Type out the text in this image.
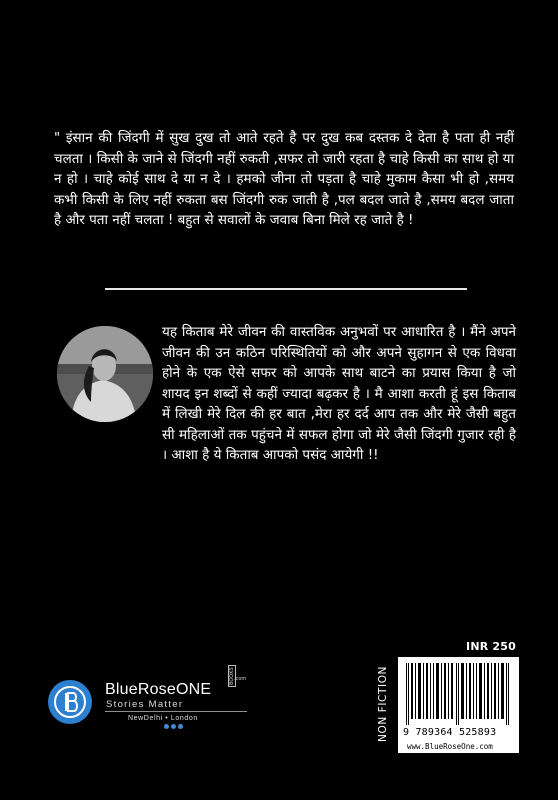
" इंसान की जिंदगी में सुख दुख तो आते रहते है पर दुख कब दस्तक दे देता है पता ही नहीं चलता । किसी के जाने से जिंदगी नहीं रुकती ,सफर तो जारी रहता है चाहे किसी का साथ हो या न हो । चाहे कोई साथ दे या न दे । हमको जीना तो पड़ता है चाहे मुकाम कैसा भी हो ,समय कभी किसी के लिए नहीं रुकता बस जिंदगी रुक जाती है ,पल बदल जाते है ,समय बदल जाता है और पता नहीं चलता ! बहुत से सवालों के जवाब बिना मिले रह जाते है !

यह किताब मेरे जीवन की वास्तविक अनुभवों पर आधारित है । मैंने अपने जीवन की उन कठिन परिस्थितियों को और अपने सुहागन से एक विधवा होने के एक ऐसे सफर को आपके साथ बाटने का प्रयास किया है जो शायद इन शब्दों से कहीं ज्यादा बढ़कर है । मै आशा करती हूं इस किताब में लिखी मेरे दिल की हर बात ,मेरा हर दर्द आप तक और मेरे जैसी बहुत सी महिलाओं तक पहुंचने में सफल होगा जो मेरे जैसी जिंदगी गुजार रही है । आशा है ये किताब आपको पसंद आयेगी !!

INR 250
NON FICTION 9 789364 525893
www.BlueRoseOne.com
BlueRoseONE
.com
BOOKS
Stories Matter
NewDelhi • London
